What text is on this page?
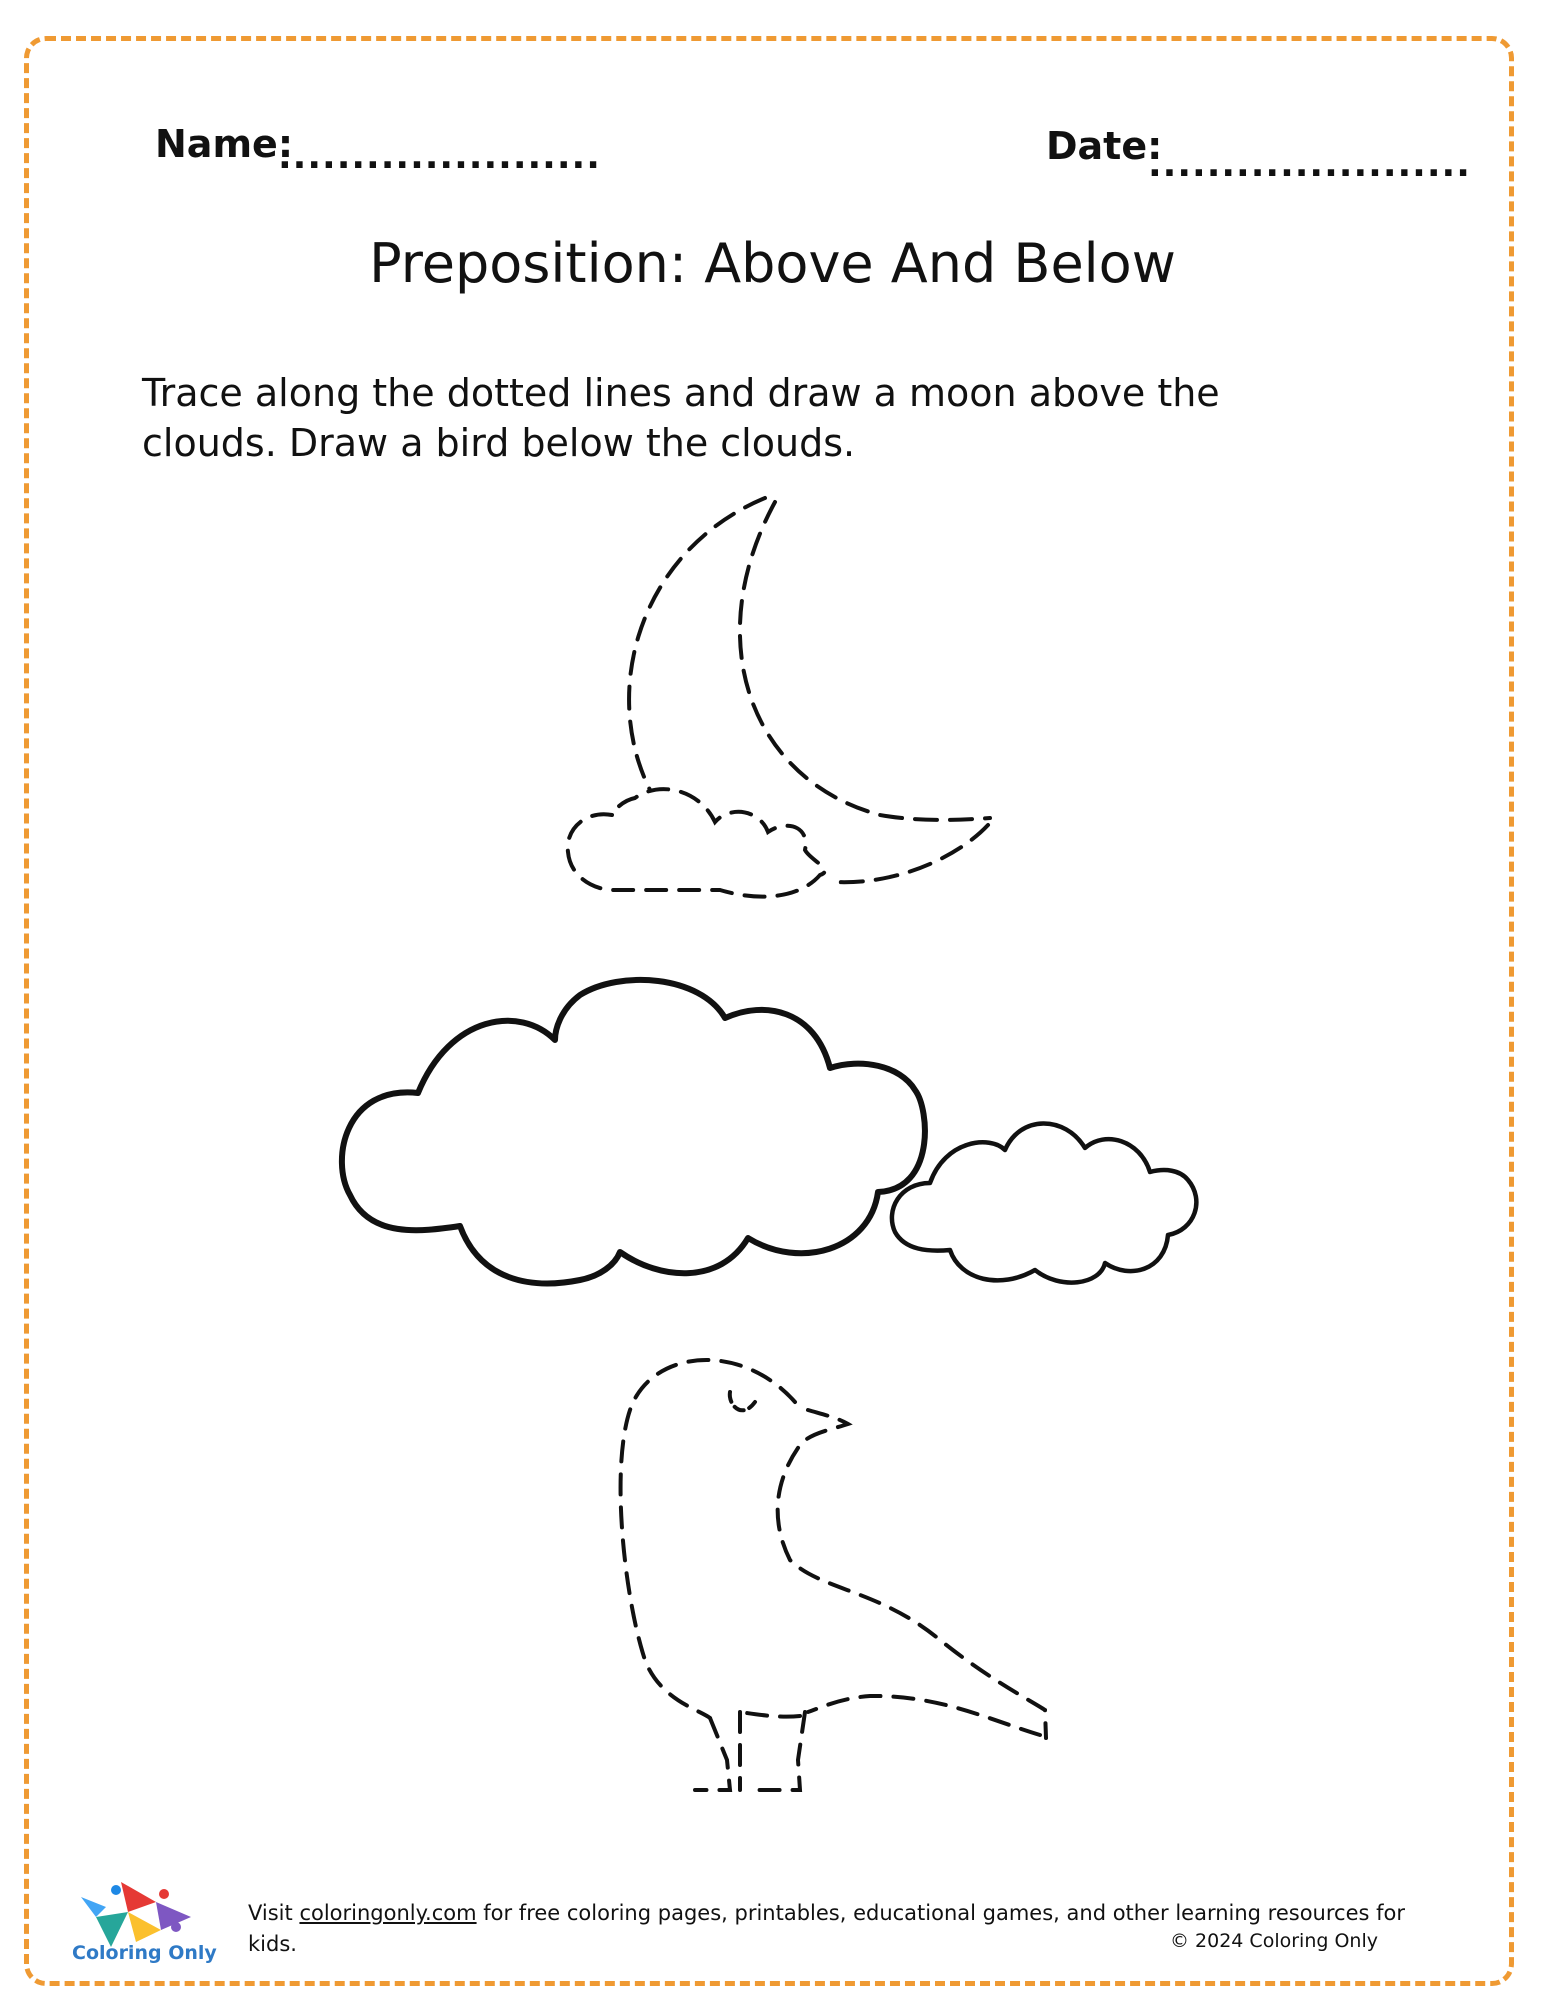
Name:
......................	Date:
......................
Preposition: Above And Below
Trace along the dotted lines and draw a moon above the clouds. Draw a bird below the clouds.
Coloring Only
Visit coloringonly.com for free coloring pages, printables, educational games, and other learning resources for kids.	© 2024 Coloring Only
